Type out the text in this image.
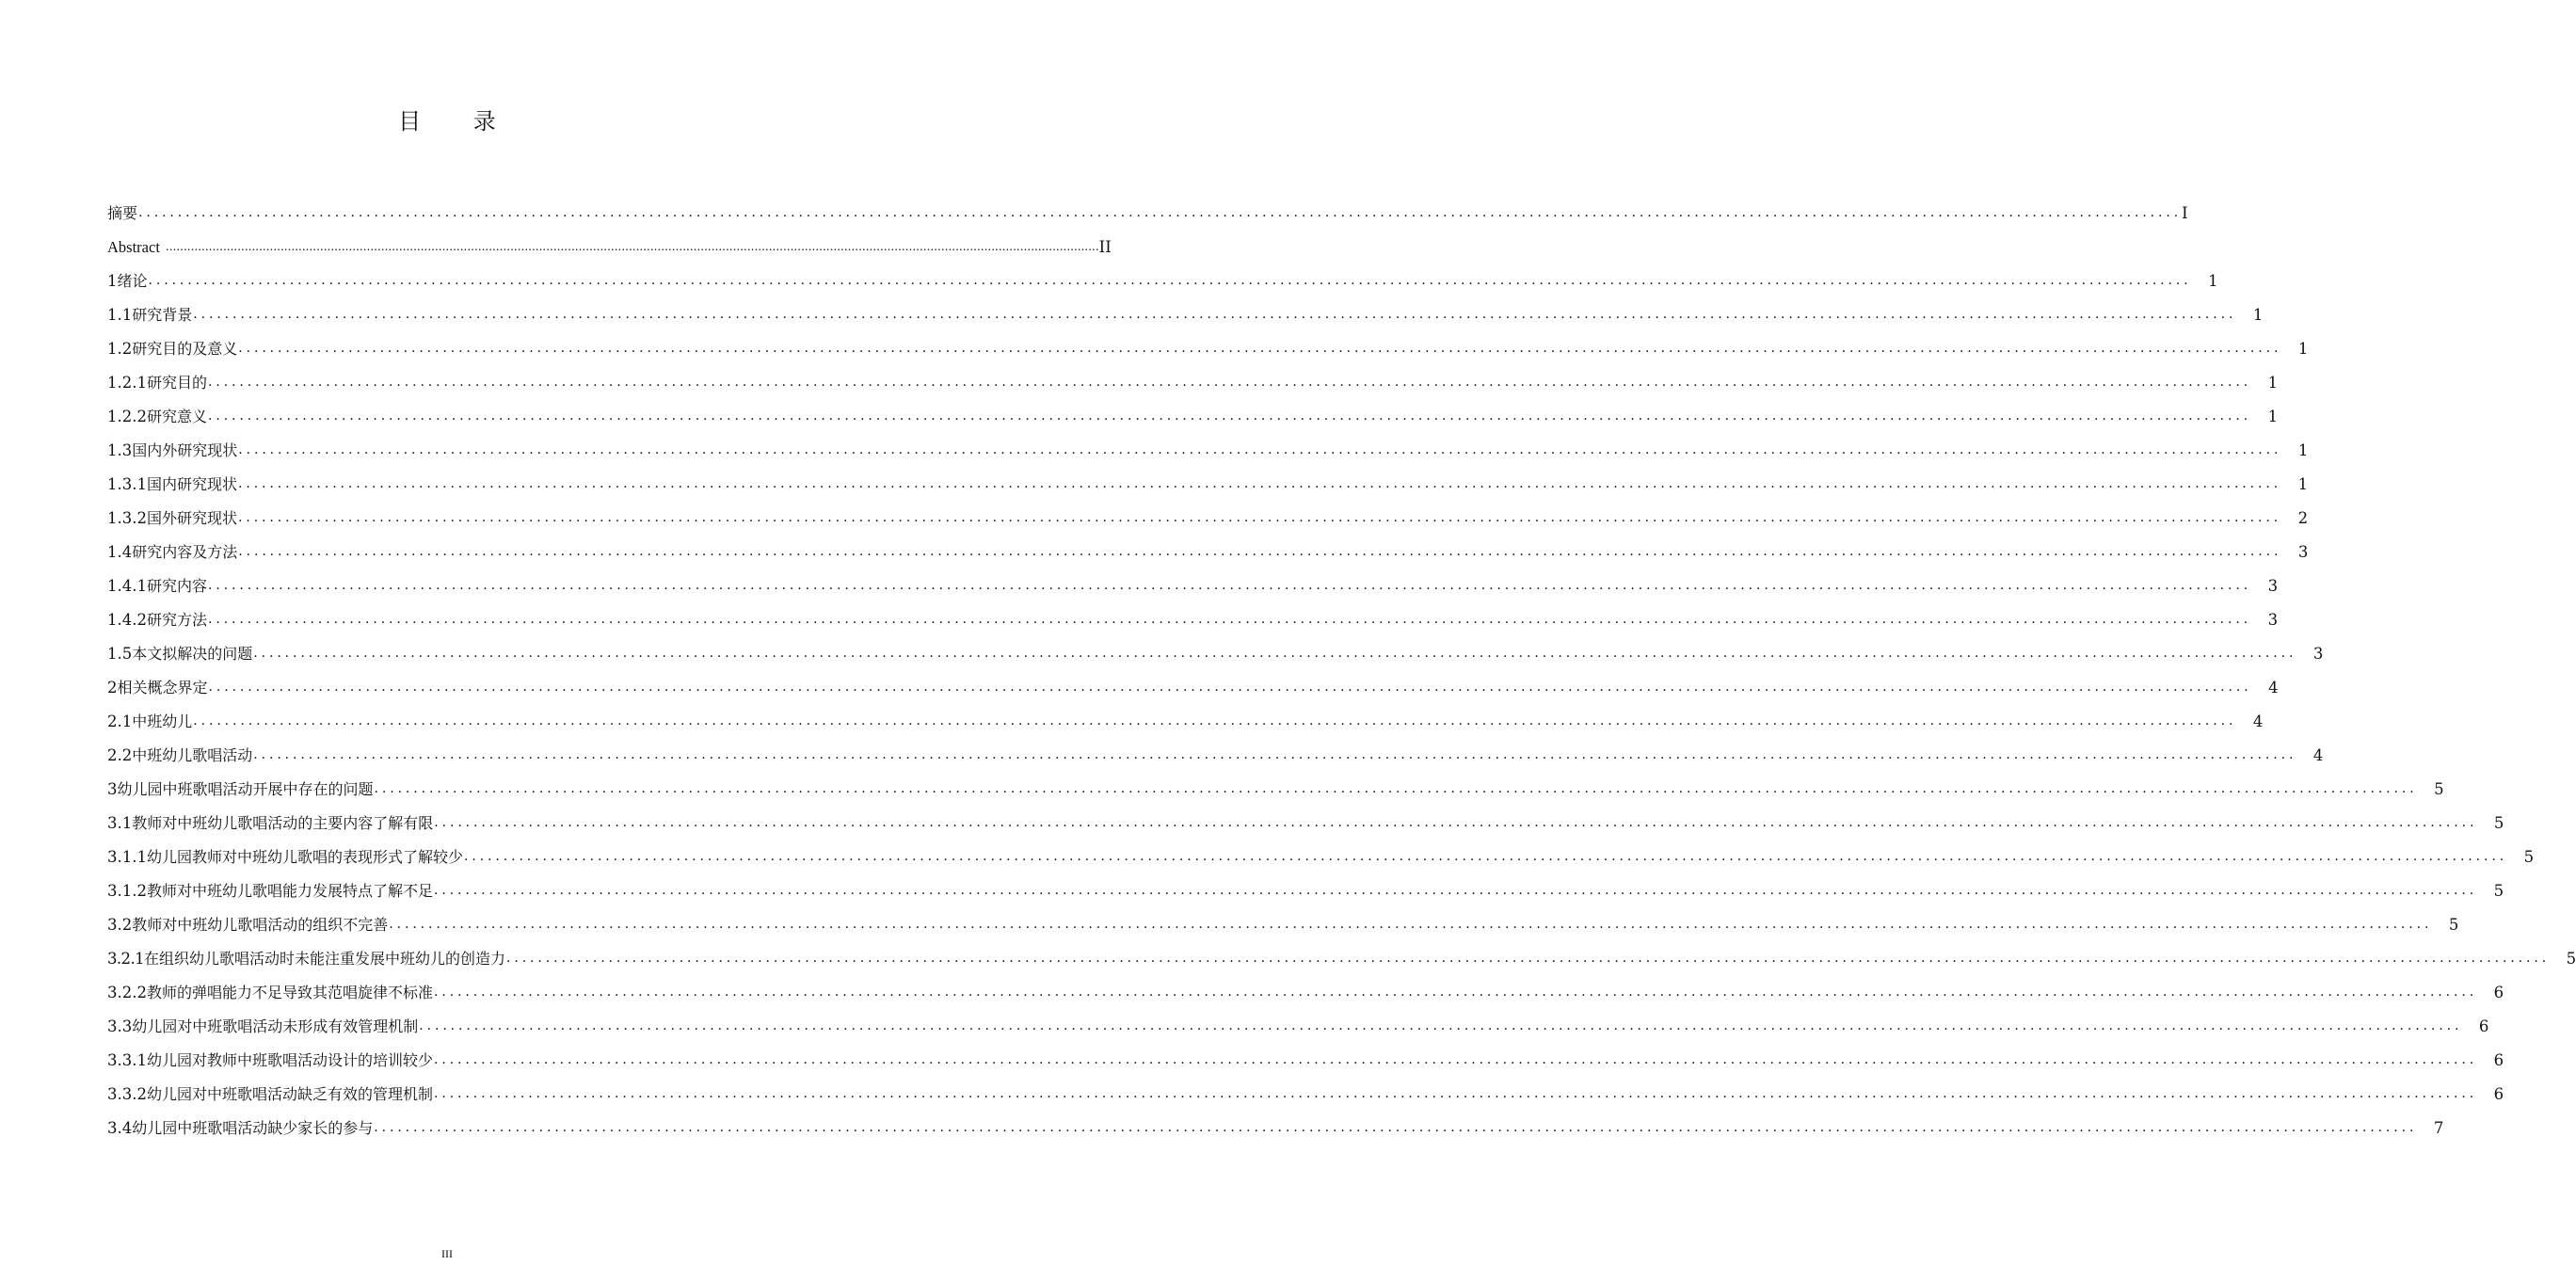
目 录
摘 要 .................................................................................................................................................................................................................................................................... I
Abstract .................................................................................................................................................................................................................................................................... II
1 绪论 ....................................................................................................................................................................................................................................................................	1
1.1 研究背景 ....................................................................................................................................................................................................................................................................	1
1.2 研究目的及意义 ....................................................................................................................................................................................................................................................................	1
1.2.1 研究目的 ....................................................................................................................................................................................................................................................................	1
1.2.2 研究意义 ....................................................................................................................................................................................................................................................................	1
1.3 国内外研究现状 ....................................................................................................................................................................................................................................................................	1
1.3.1 国内研究现状 ....................................................................................................................................................................................................................................................................	1
1.3.2 国外研究现状 ....................................................................................................................................................................................................................................................................	2
1.4 研究内容及方法 ....................................................................................................................................................................................................................................................................	3
1.4.1 研究内容 ....................................................................................................................................................................................................................................................................	3
1.4.2 研究方法 ....................................................................................................................................................................................................................................................................	3
1.5 本文拟解决的问题 ....................................................................................................................................................................................................................................................................	3
2 相关概念界定 ....................................................................................................................................................................................................................................................................	4
2.1 中班幼儿 ....................................................................................................................................................................................................................................................................	4
2.2 中班幼儿歌唱活动 ....................................................................................................................................................................................................................................................................	4
3 幼儿园中班歌唱活动开展中存在的问题 ....................................................................................................................................................................................................................................................................	5
3.1 教师对中班幼儿歌唱活动的主要内容了解有限 ....................................................................................................................................................................................................................................................................	5
3.1.1 幼儿园教师对中班幼儿歌唱的表现形式了解较少 ....................................................................................................................................................................................................................................................................	5
3.1.2 教师对中班幼儿歌唱能力发展特点了解不足 ....................................................................................................................................................................................................................................................................	5
3.2 教师对中班幼儿歌唱活动的组织不完善 ....................................................................................................................................................................................................................................................................	5
3.2.1 在组织幼儿歌唱活动时未能注重发展中班幼儿的创造力 ....................................................................................................................................................................................................................................................................	5
3.2.2 教师的弹唱能力不足导致其范唱旋律不标准 ....................................................................................................................................................................................................................................................................	6
3.3 幼儿园对中班歌唱活动未形成有效管理机制 ....................................................................................................................................................................................................................................................................	6
3.3.1 幼儿园对教师中班歌唱活动设计的培训较少 ....................................................................................................................................................................................................................................................................	6
3.3.2 幼儿园对中班歌唱活动缺乏有效的管理机制 ....................................................................................................................................................................................................................................................................	6
3.4 幼儿园中班歌唱活动缺少家长的参与 ....................................................................................................................................................................................................................................................................	7
III
